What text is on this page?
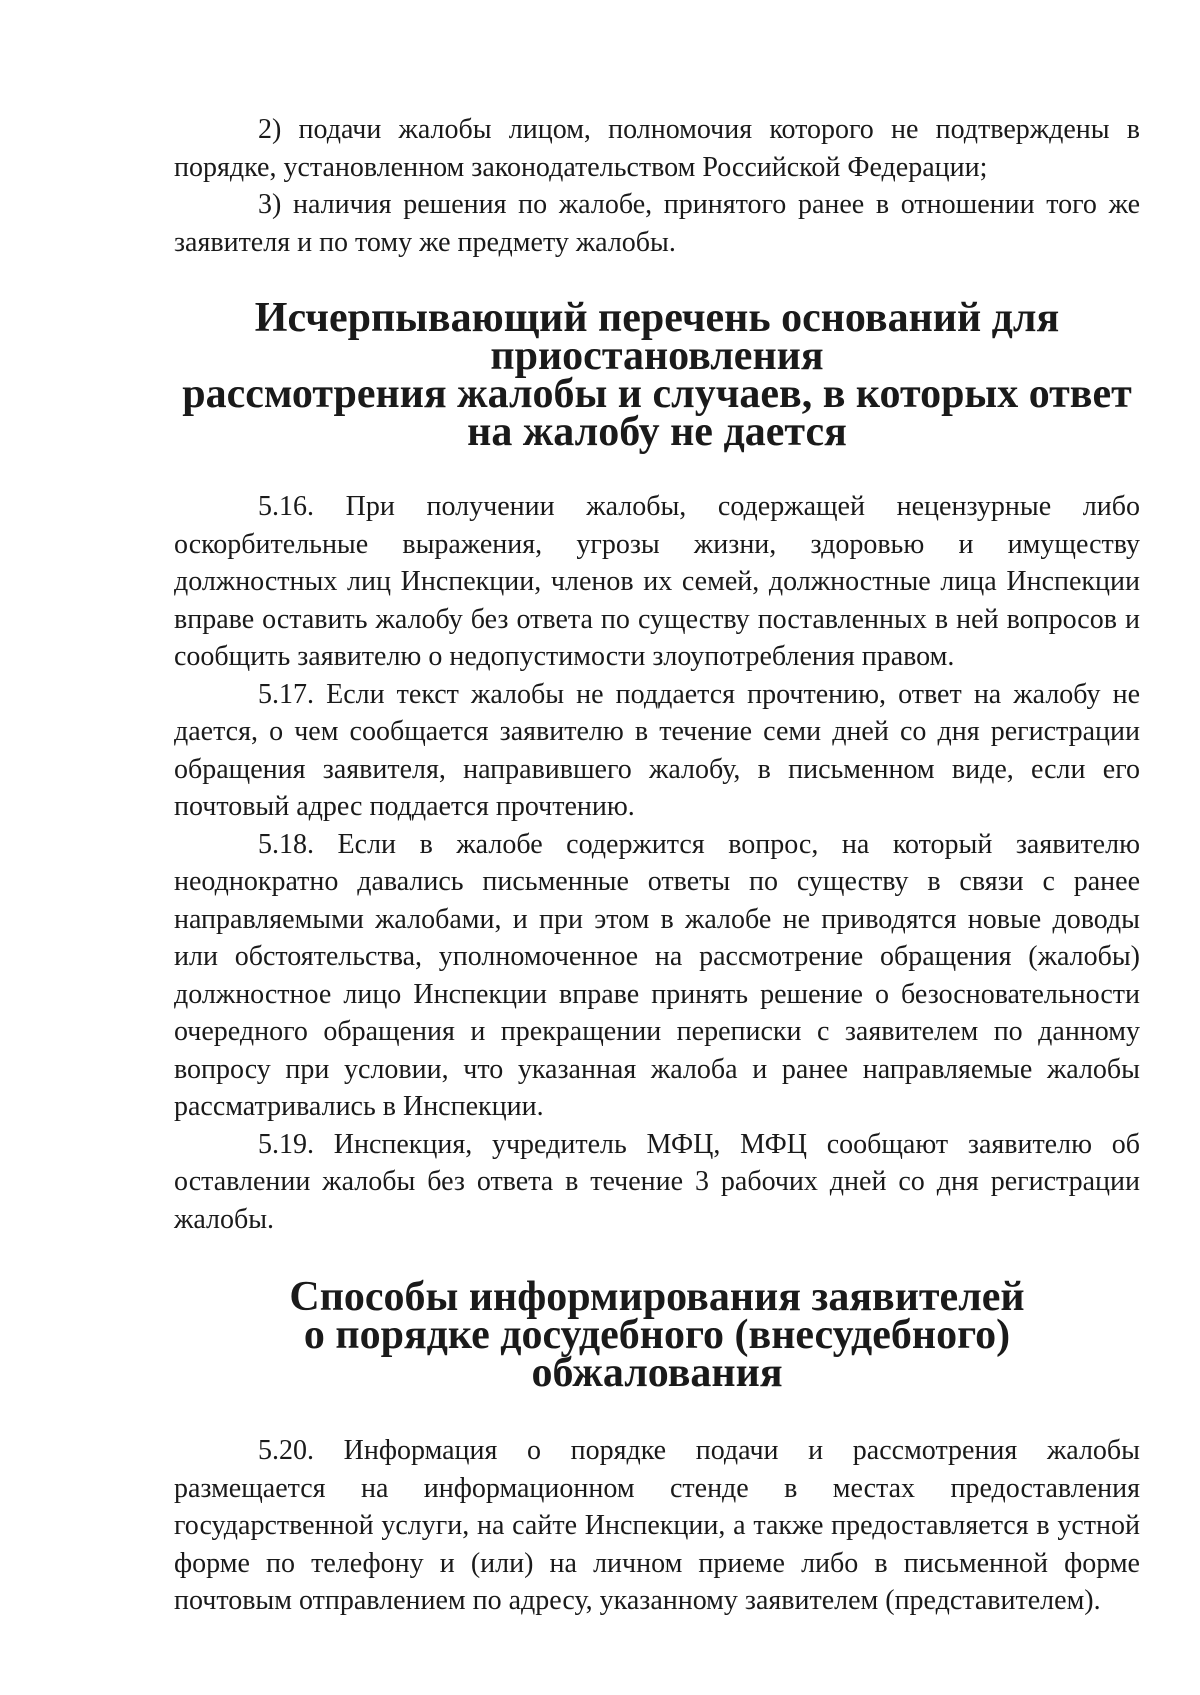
2) подачи жалобы лицом, полномочия которого не подтверждены в порядке, установленном законодательством Российской Федерации;

3) наличия решения по жалобе, принятого ранее в отношении того же заявителя и по тому же предмету жалобы.

Исчерпывающий перечень оснований для приостановления
рассмотрения жалобы и случаев, в которых ответ на жалобу не дается

5.16. При получении жалобы, содержащей нецензурные либо оскорбительные выражения, угрозы жизни, здоровью и имуществу должностных лиц Инспекции, членов их семей, должностные лица Инспекции вправе оставить жалобу без ответа по существу поставленных в ней вопросов и сообщить заявителю о недопустимости злоупотребления правом.

5.17. Если текст жалобы не поддается прочтению, ответ на жалобу не дается, о чем сообщается заявителю в течение семи дней со дня регистрации обращения заявителя, направившего жалобу, в письменном виде, если его почтовый адрес поддается прочтению.

5.18. Если в жалобе содержится вопрос, на который заявителю неоднократно давались письменные ответы по существу в связи с ранее направляемыми жалобами, и при этом в жалобе не приводятся новые доводы или обстоятельства, уполномоченное на рассмотрение обращения (жалобы) должностное лицо Инспекции вправе принять решение о безосновательности очередного обращения и прекращении переписки с заявителем по данному вопросу при условии, что указанная жалоба и ранее направляемые жалобы рассматривались в Инспекции.

5.19. Инспекция, учредитель МФЦ, МФЦ сообщают заявителю об оставлении жалобы без ответа в течение 3 рабочих дней со дня регистрации жалобы.

Способы информирования заявителей
о порядке досудебного (внесудебного) обжалования

5.20. Информация о порядке подачи и рассмотрения жалобы размещается на информационном стенде в местах предоставления государственной услуги, на сайте Инспекции, а также предоставляется в устной форме по телефону и (или) на личном приеме либо в письменной форме почтовым отправлением по адресу, указанному заявителем (представителем).
